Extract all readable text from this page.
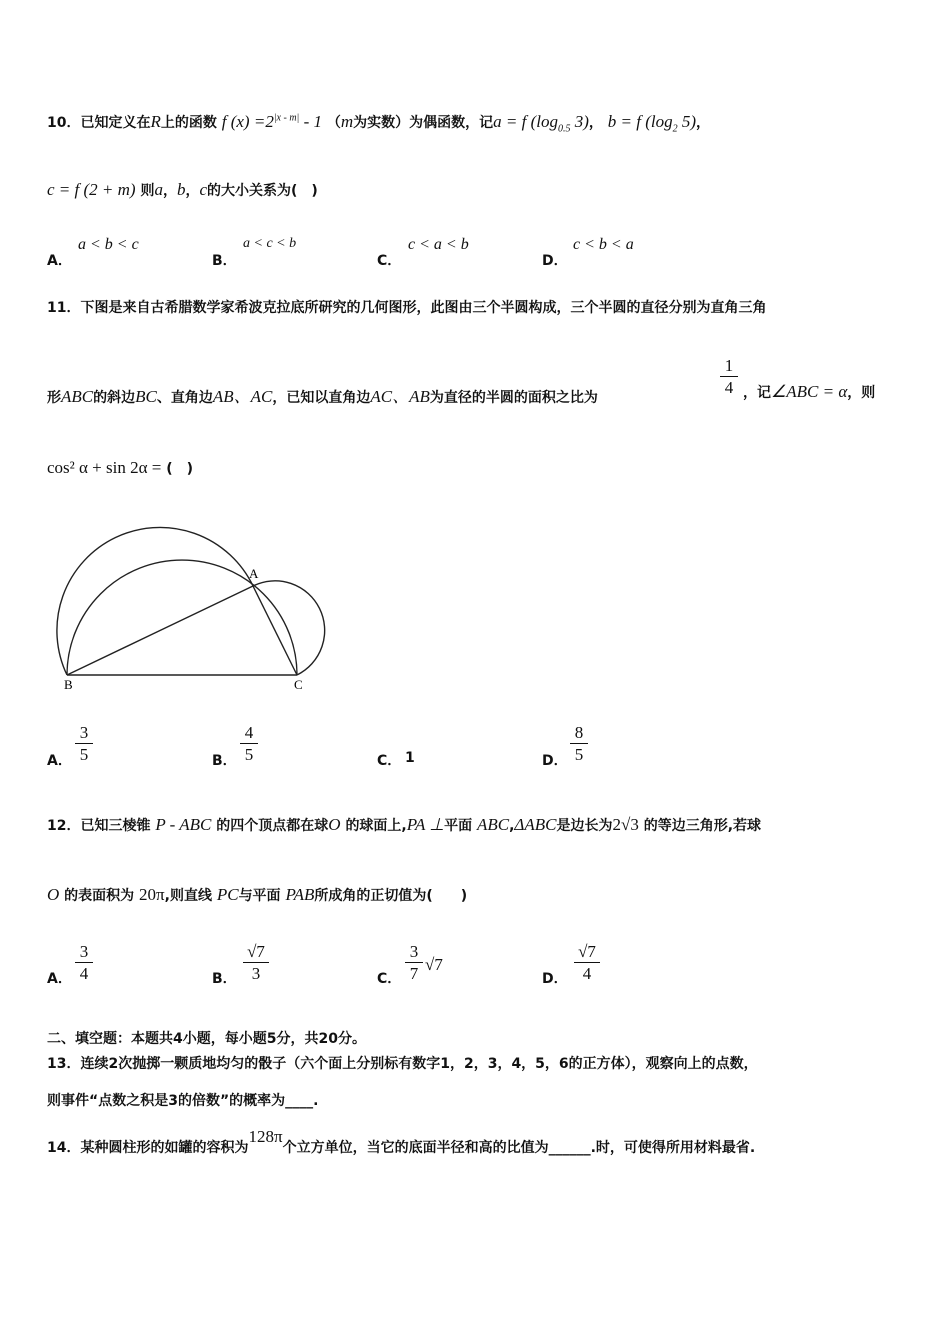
10．已知定义在R上的函数 f $(x) =2^{|x - m|} - 1$ （m为实数）为偶函数，记a = f ($\log_{0.5}$ 3)， b = f ($\log_2$ 5)，
c = f (2 + m) 则a，b，c的大小关系为(　)
A．
a < b < c
B．
a < c < b
C．
c < a < b
D．
c < b < a
11．下图是来自古希腊数学家希波克拉底所研究的几何图形，此图由三个半圆构成，三个半圆的直径分别为直角三角
形ABC的斜边BC、直角边AB、AC，已知以直角边AC、AB为直径的半圆的面积之比为	$\frac{1}{4}$ ，记∠ABC = α，则
cos² α + sin 2α = (　)
A
B	C
A． $\frac{3}{5}$	B． $\frac{4}{5}$	C． 1	D． $\frac{8}{5}$
12．已知三棱锥 P - ABC 的四个顶点都在球O 的球面上,PA ⊥平面 ABC,ΔABC是边长为2√3 的等边三角形,若球
O 的表面积为 20π,则直线 PC与平面 PAB所成角的正切值为(　　)
A． $\frac{3}{4}$	B． $\frac{√7}{3}$	C． $\frac{3}{7} √7$
D． $\frac{√7}{4}$
二、填空题：本题共4小题，每小题5分，共20分。
13．连续2次抛掷一颗质地均匀的骰子（六个面上分别标有数字1，2，3，4，5，6的正方体），观察向上的点数，
则事件“点数之积是3的倍数”的概率为____.
14．某种圆柱形的如罐的容积为128π个立方单位，当它的底面半径和高的比值为______.时，可使得所用材料最省.
